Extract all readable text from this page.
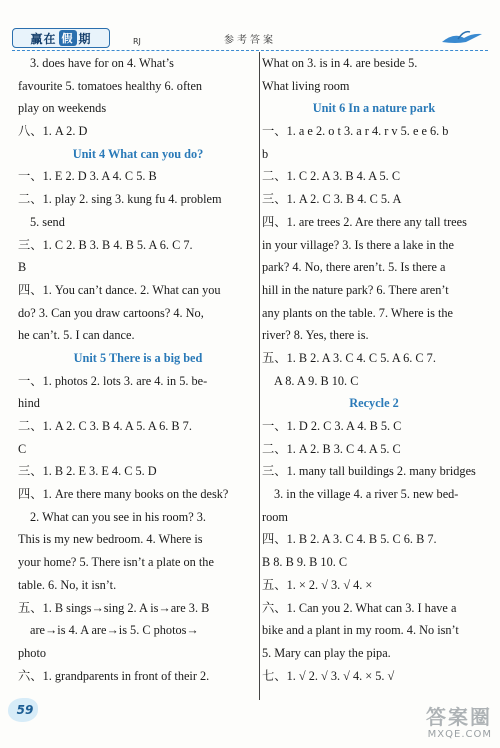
赢在 假 期	RJ	参考答案
3. does have for on 4. What’s
favourite 5. tomatoes healthy 6. often
play on weekends
八、1. A 2. D
Unit 4 What can you do?
一、1. E 2. D 3. A 4. C 5. B
二、1. play 2. sing 3. kung fu 4. problem
5. send
三、1. C 2. B 3. B 4. B 5. A 6. C 7.
B
四、1. You can’t dance. 2. What can you
do? 3. Can you draw cartoons? 4. No,
he can’t. 5. I can dance.
Unit 5 There is a big bed
一、1. photos 2. lots 3. are 4. in 5. be-
hind
二、1. A 2. C 3. B 4. A 5. A 6. B 7.
C
三、1. B 2. E 3. E 4. C 5. D
四、1. Are there many books on the desk?
2. What can you see in his room? 3.
This is my new bedroom. 4. Where is
your home? 5. There isn’t a plate on the
table. 6. No, it isn’t.
五、1. B sings→sing 2. A is→are 3. B
are→is 4. A are→is 5. C photos→
photo
六、1. grandparents in front of their 2.
What on 3. is in 4. are beside 5.
What living room
Unit 6 In a nature park
一、1. a e 2. o t 3. a r 4. r v 5. e e 6. b
b
二、1. C 2. A 3. B 4. A 5. C
三、1. A 2. C 3. B 4. C 5. A
四、1. are trees 2. Are there any tall trees
in your village? 3. Is there a lake in the
park? 4. No, there aren’t. 5. Is there a
hill in the nature park? 6. There aren’t
any plants on the table. 7. Where is the
river? 8. Yes, there is.
五、1. B 2. A 3. C 4. C 5. A 6. C 7.
A 8. A 9. B 10. C
Recycle 2
一、1. D 2. C 3. A 4. B 5. C
二、1. A 2. B 3. C 4. A 5. C
三、1. many tall buildings 2. many bridges
3. in the village 4. a river 5. new bed-
room
四、1. B 2. A 3. C 4. B 5. C 6. B 7.
B 8. B 9. B 10. C
五、1. × 2. √ 3. √ 4. ×
六、1. Can you 2. What can 3. I have a
bike and a plant in my room. 4. No isn’t
5. Mary can play the pipa.
七、1. √ 2. √ 3. √ 4. × 5. √
59	答案圈
MXQE.COM
